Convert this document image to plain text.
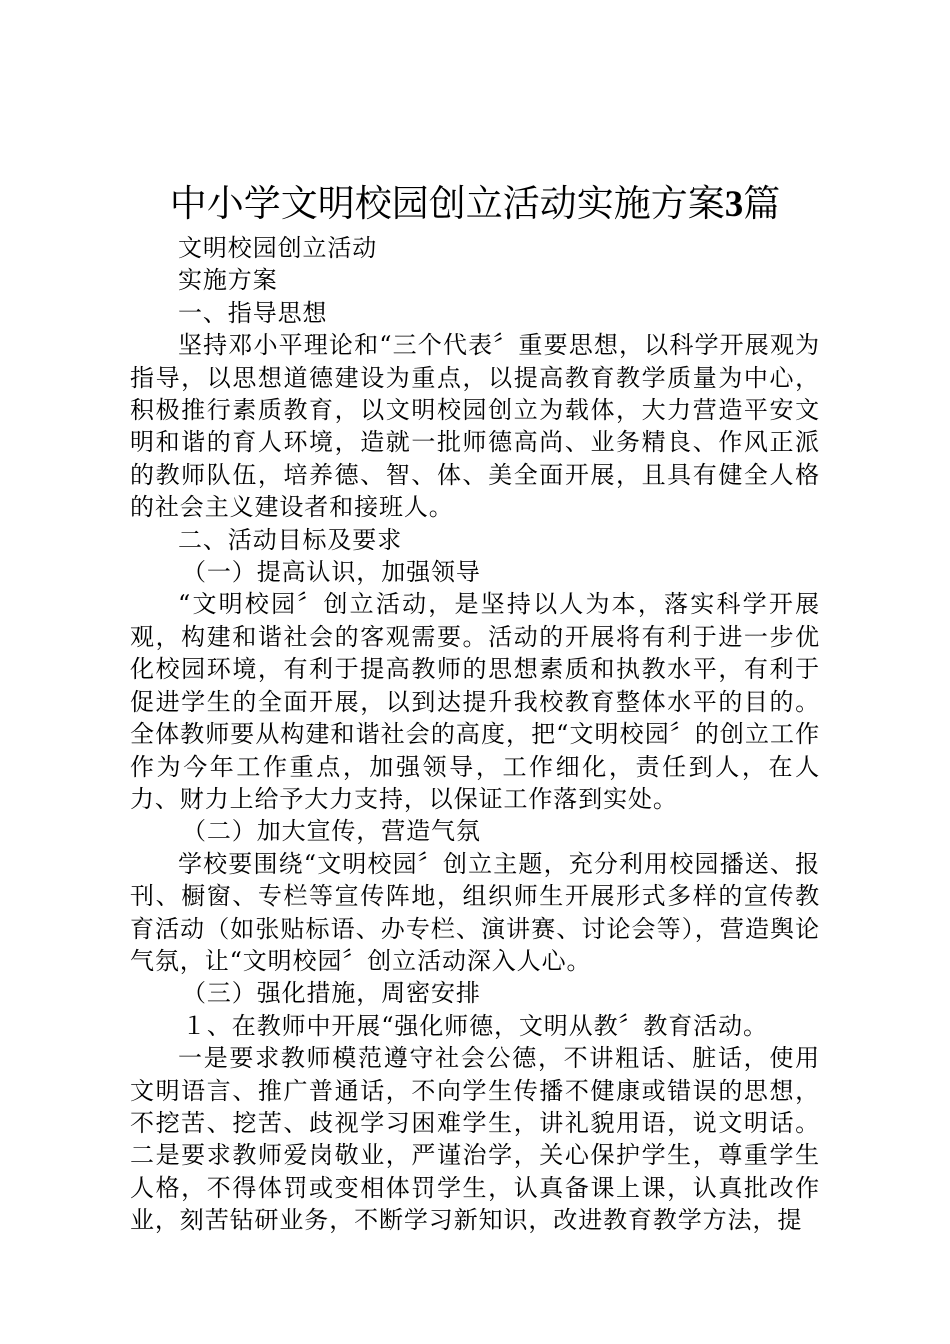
中小学文明校园创立活动实施方案3篇

文明校园创立活动

实施方案

一、指导思想

坚持邓小平理论和“三个代表〞重要思想，以科学开展观为指导，以思想道德建设为重点，以提高教育教学质量为中心，积极推行素质教育，以文明校园创立为载体，大力营造平安文明和谐的育人环境，造就一批师德高尚、业务精良、作风正派的教师队伍，培养德、智、体、美全面开展，且具有健全人格的社会主义建设者和接班人。

二、活动目标及要求

（一）提高认识，加强领导

“文明校园〞创立活动，是坚持以人为本，落实科学开展观，构建和谐社会的客观需要。活动的开展将有利于进一步优化校园环境，有利于提高教师的思想素质和执教水平，有利于促进学生的全面开展，以到达提升我校教育整体水平的目的。全体教师要从构建和谐社会的高度，把“文明校园〞的创立工作作为今年工作重点，加强领导，工作细化，责任到人，在人力、财力上给予大力支持，以保证工作落到实处。

（二）加大宣传，营造气氛

学校要围绕“文明校园〞创立主题，充分利用校园播送、报刊、橱窗、专栏等宣传阵地，组织师生开展形式多样的宣传教育活动（如张贴标语、办专栏、演讲赛、讨论会等），营造舆论气氛，让“文明校园〞创立活动深入人心。

（三）强化措施，周密安排

１、在教师中开展“强化师德，文明从教〞教育活动。

一是要求教师模范遵守社会公德，不讲粗话、脏话，使用文明语言、推广普通话，不向学生传播不健康或错误的思想，不挖苦、挖苦、歧视学习困难学生，讲礼貌用语，说文明话。二是要求教师爱岗敬业，严谨治学，关心保护学生，尊重学生人格，不得体罚或变相体罚学生，认真备课上课，认真批改作业，刻苦钻研业务，不断学习新知识，改进教育教学方法，提
